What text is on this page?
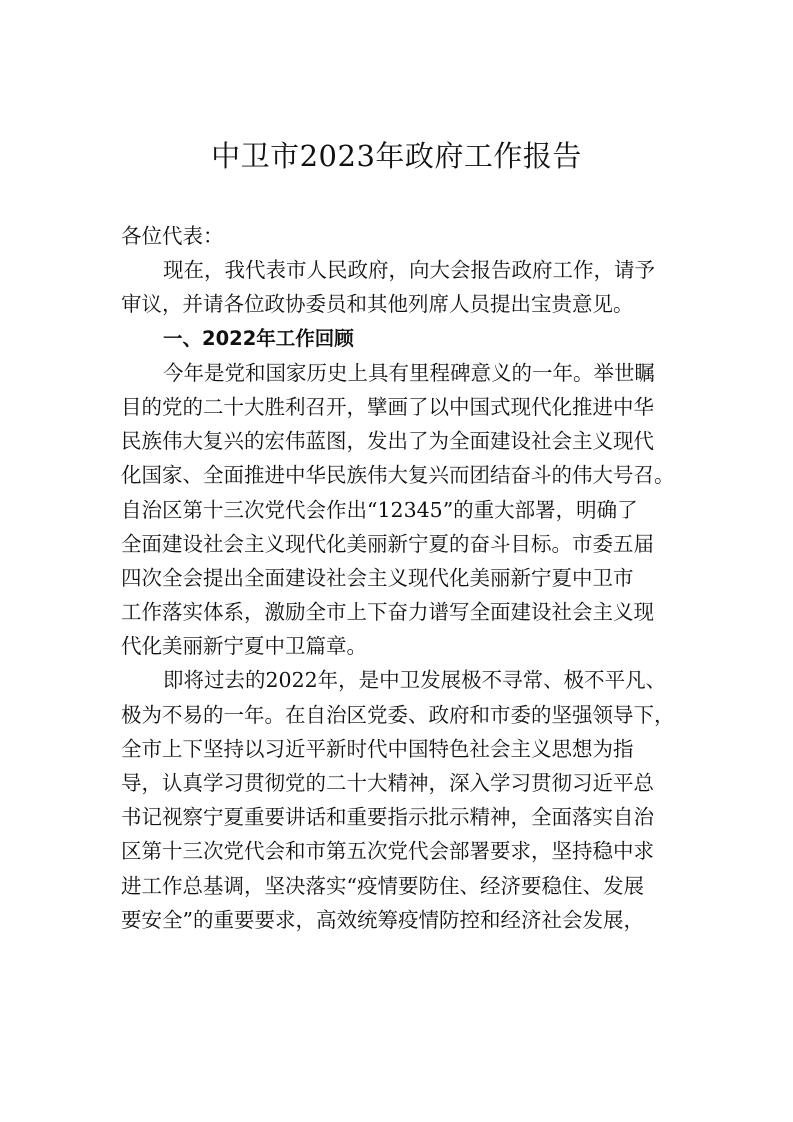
中卫市2023年政府工作报告
各位代表：
现在，我代表市人民政府，向大会报告政府工作，请予
审议，并请各位政协委员和其他列席人员提出宝贵意见。
一、2022年工作回顾
今年是党和国家历史上具有里程碑意义的一年。举世瞩
目的党的二十大胜利召开，擘画了以中国式现代化推进中华
民族伟大复兴的宏伟蓝图，发出了为全面建设社会主义现代
化国家、全面推进中华民族伟大复兴而团结奋斗的伟大号召。
自治区第十三次党代会作出“12345”的重大部署，明确了
全面建设社会主义现代化美丽新宁夏的奋斗目标。市委五届
四次全会提出全面建设社会主义现代化美丽新宁夏中卫市
工作落实体系，激励全市上下奋力谱写全面建设社会主义现
代化美丽新宁夏中卫篇章。
即将过去的2022年，是中卫发展极不寻常、极不平凡、
极为不易的一年。在自治区党委、政府和市委的坚强领导下，
全市上下坚持以习近平新时代中国特色社会主义思想为指
导，认真学习贯彻党的二十大精神，深入学习贯彻习近平总
书记视察宁夏重要讲话和重要指示批示精神，全面落实自治
区第十三次党代会和市第五次党代会部署要求，坚持稳中求
进工作总基调，坚决落实“疫情要防住、经济要稳住、发展
要安全”的重要要求，高效统筹疫情防控和经济社会发展，
